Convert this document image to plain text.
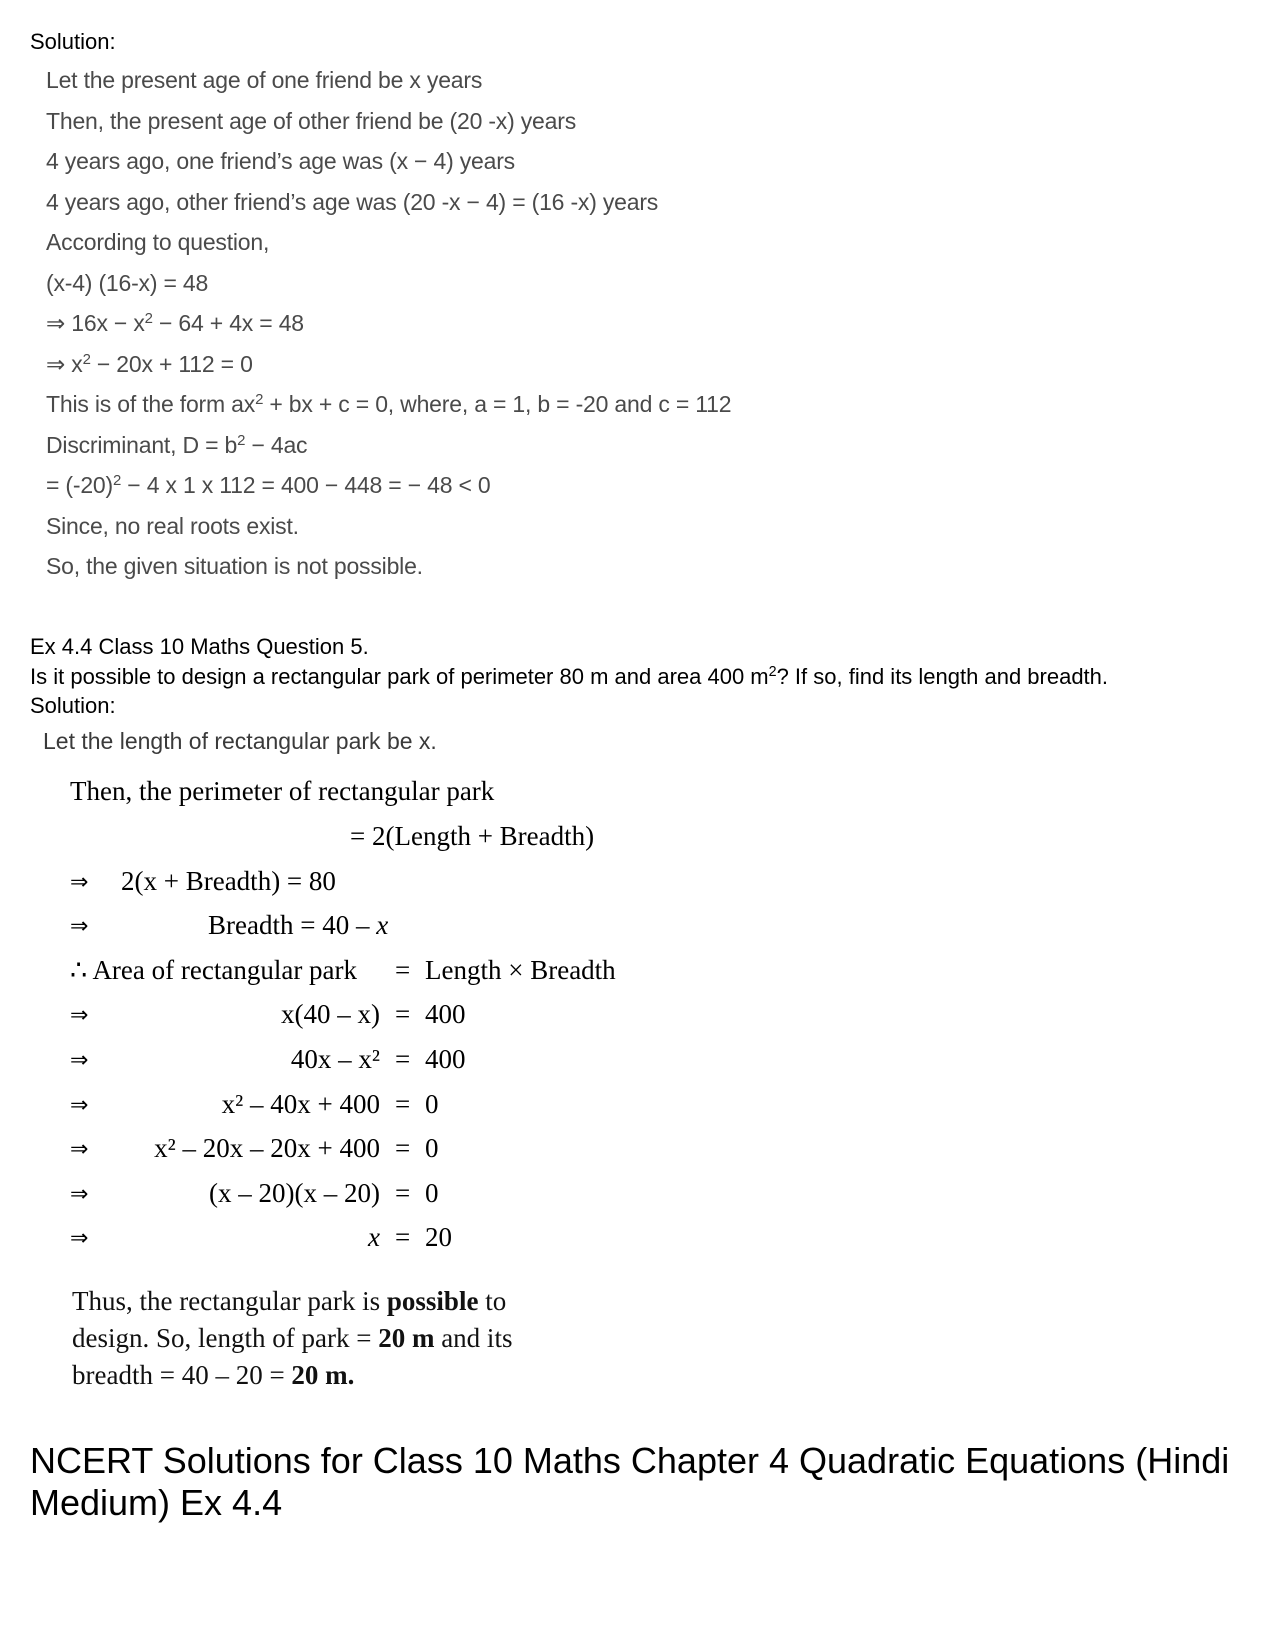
Solution:
Let the present age of one friend be x years
Then, the present age of other friend be (20 -x) years
4 years ago, one friend’s age was (x − 4) years
4 years ago, other friend’s age was (20 -x − 4) = (16 -x) years
According to question,
(x-4) (16-x) = 48
⇒ $16x - x^2 - 64 + 4x = 48$
⇒ $x^2 - 20x + 112 = 0$
This is of the form $ax^2$ + bx + c = 0, where, a = 1, b = -20 and c = 112
Discriminant, $D = b^2 - 4ac$
= $(-20)^2 - 4$ x 1 x 112 = 400 − 448 = − 48 < 0
Since, no real roots exist.
So, the given situation is not possible.
Ex 4.4 Class 10 Maths Question 5.
Is it possible to design a rectangular park of perimeter 80 m and area 400 $m^2$? If so, find its length and breadth.
Solution:
Let the length of rectangular park be x.
Then, the perimeter of rectangular park
= 2(Length + Breadth)
⇒ 2(x + Breadth) = 80
⇒	Breadth = 40 – x
∴ Area of rectangular park = Length × Breadth
⇒	x(40 – x) = 400
⇒	40x – x² = 400
⇒	x² – 40x + 400 = 0
⇒	x² – 20x – 20x + 400 = 0
⇒	(x – 20)(x – 20) = 0
⇒	x = 20
Thus, the rectangular park is possible to
design. So, length of park = 20 m and its
breadth = 40 – 20 = 20 m.
NCERT Solutions for Class 10 Maths Chapter 4 Quadratic Equations (Hindi Medium) Ex 4.4
